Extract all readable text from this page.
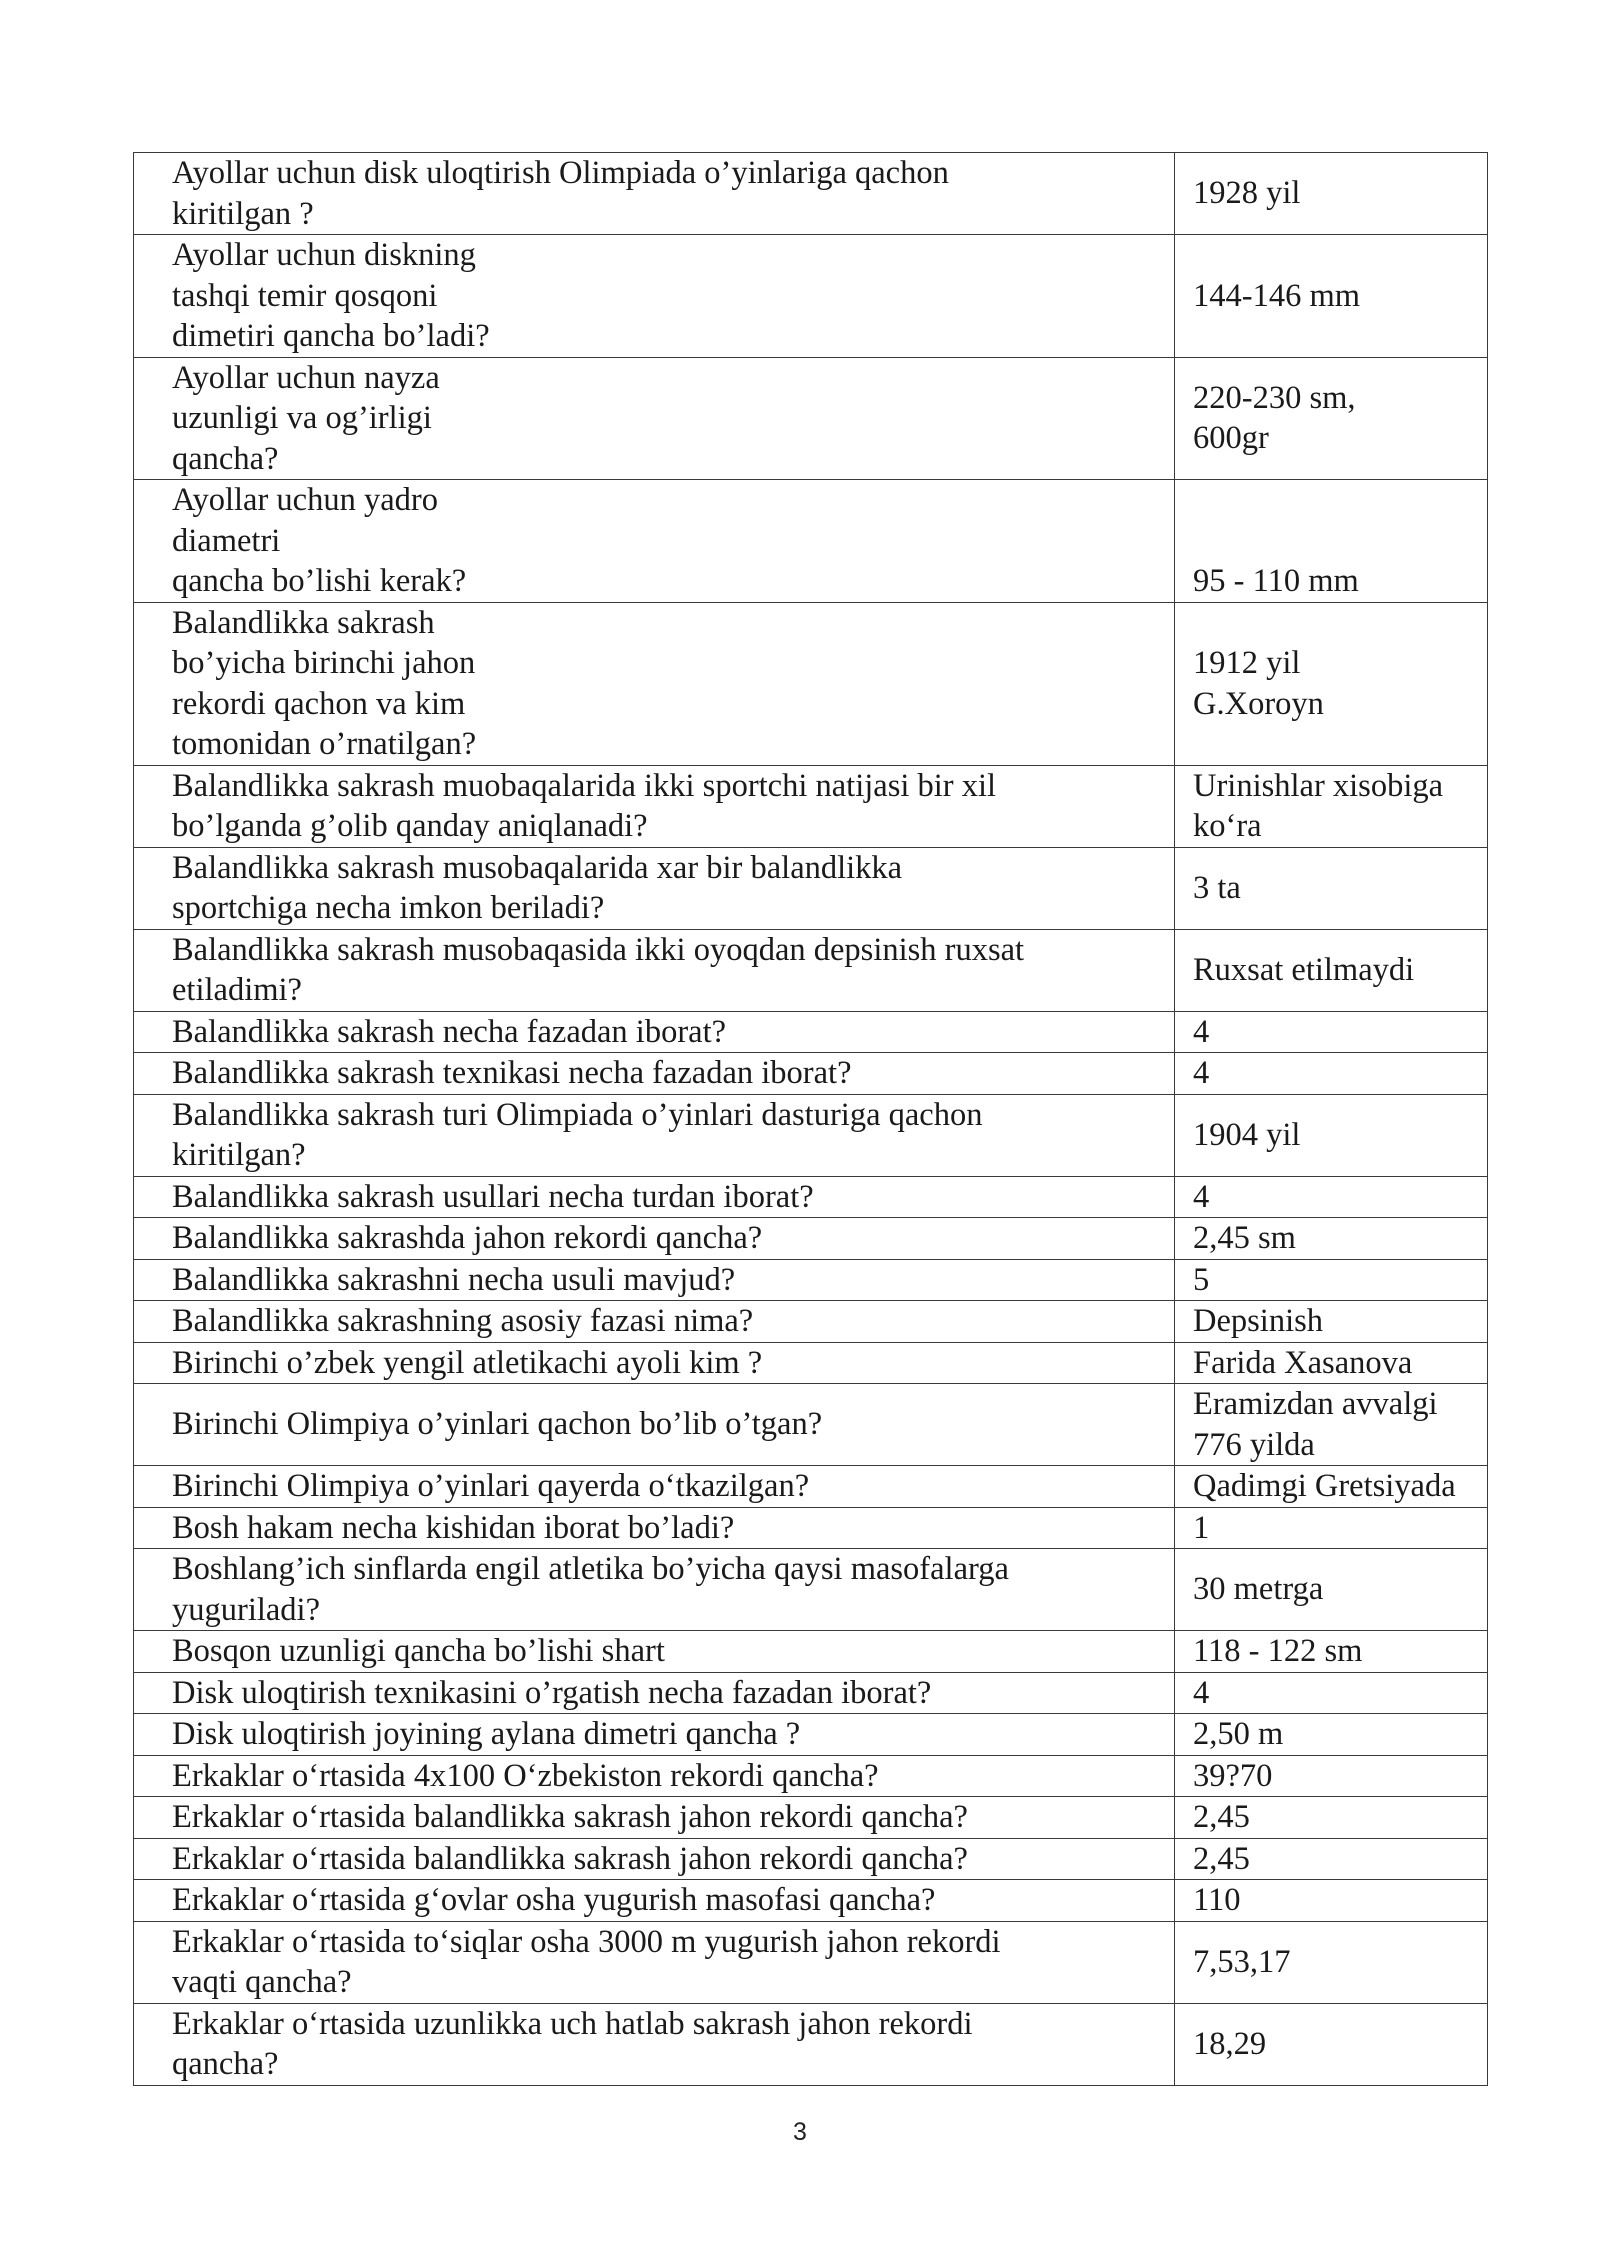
Ayollar uchun disk uloqtirish Olimpiada o’yinlariga qachon
kiritilgan ?	1928 yil
Ayollar uchun diskning
tashqi temir qosqoni
dimetiri qancha bo’ladi?	144-146 mm
Ayollar uchun nayza
uzunligi va og’irligi
qancha?	220-230 sm,
600gr
Ayollar uchun yadro
diametri
qancha bo’lishi kerak?	95 - 110 mm
Balandlikka sakrash
bo’yicha birinchi jahon
rekordi qachon va kim
tomonidan o’rnatilgan?	1912 yil
G.Xoroyn
Balandlikka sakrash muobaqalarida ikki sportchi natijasi bir xil
bo’lganda g’olib qanday aniqlanadi?	Urinishlar xisobiga
ko‘ra
Balandlikka sakrash musobaqalarida xar bir balandlikka
sportchiga necha imkon beriladi?	3 ta
Balandlikka sakrash musobaqasida ikki oyoqdan depsinish ruxsat
etiladimi?	Ruxsat etilmaydi
Balandlikka sakrash necha fazadan iborat?	4
Balandlikka sakrash texnikasi necha fazadan iborat?	4
Balandlikka sakrash turi Olimpiada o’yinlari dasturiga qachon
kiritilgan?	1904 yil
Balandlikka sakrash usullari necha turdan iborat?	4
Balandlikka sakrashda jahon rekordi qancha?	2,45 sm
Balandlikka sakrashni necha usuli mavjud?	5
Balandlikka sakrashning asosiy fazasi nima?	Depsinish
Birinchi o’zbek yengil atletikachi ayoli kim ?	Farida Xasanova
Birinchi Olimpiya o’yinlari qachon bo’lib o’tgan?	Eramizdan avvalgi
776 yilda
Birinchi Olimpiya o’yinlari qayerda o‘tkazilgan?	Qadimgi Gretsiyada
Bosh hakam necha kishidan iborat bo’ladi?	1
Boshlang’ich sinflarda engil atletika bo’yicha qaysi masofalarga
yuguriladi?	30 metrga
Bosqon uzunligi qancha bo’lishi shart	118 - 122 sm
Disk uloqtirish texnikasini o’rgatish necha fazadan iborat?	4
Disk uloqtirish joyining aylana dimetri qancha ?	2,50 m
Erkaklar o‘rtasida 4x100 O‘zbekiston rekordi qancha?	39?70
Erkaklar o‘rtasida balandlikka sakrash jahon rekordi qancha?	2,45
Erkaklar o‘rtasida balandlikka sakrash jahon rekordi qancha?	2,45
Erkaklar o‘rtasida g‘ovlar osha yugurish masofasi qancha?	110
Erkaklar o‘rtasida to‘siqlar osha 3000 m yugurish jahon rekordi
vaqti qancha?	7,53,17
Erkaklar o‘rtasida uzunlikka uch hatlab sakrash jahon rekordi
qancha?	18,29
3
